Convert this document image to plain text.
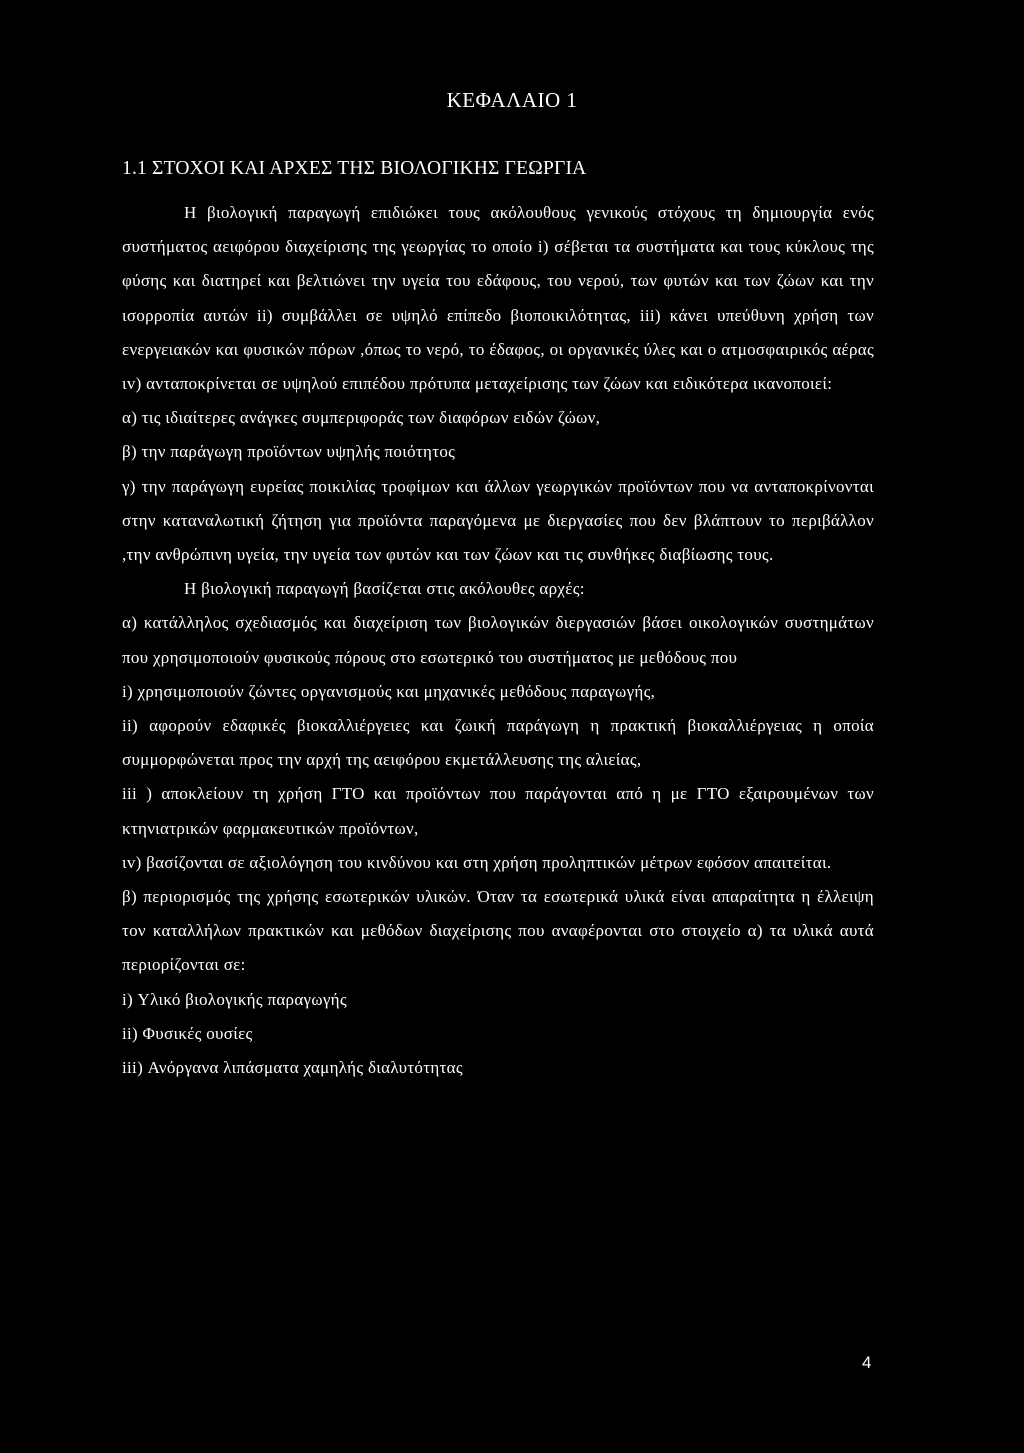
ΚΕΦΑΛΑΙΟ 1
1.1 ΣΤΟΧΟΙ ΚΑΙ ΑΡΧΕΣ ΤΗΣ ΒΙΟΛΟΓΙΚΗΣ ΓΕΩΡΓΙΑ

Η βιολογική παραγωγή επιδιώκει τους ακόλουθους γενικούς στόχους τη δημιουργία ενός συστήματος αειφόρου διαχείρισης της γεωργίας το οποίο i) σέβεται τα συστήματα και τους κύκλους της φύσης και διατηρεί και βελτιώνει την υγεία του εδάφους, του νερού, των φυτών και των ζώων και την ισορροπία αυτών ii) συμβάλλει σε υψηλό επίπεδο βιοποικιλότητας, iii) κάνει υπεύθυνη χρήση των ενεργειακών και φυσικών πόρων ,όπως το νερό, το έδαφος, οι οργανικές ύλες και ο ατμοσφαιρικός αέρας ιv) ανταποκρίνεται σε υψηλού επιπέδου πρότυπα μεταχείρισης των ζώων και ειδικότερα ικανοποιεί:

α) τις ιδιαίτερες ανάγκες συμπεριφοράς των διαφόρων ειδών ζώων,

β) την παράγωγη προϊόντων υψηλής ποιότητος

γ) την παράγωγη ευρείας ποικιλίας τροφίμων και άλλων γεωργικών προϊόντων που να ανταποκρίνονται στην καταναλωτική ζήτηση για προϊόντα παραγόμενα με διεργασίες που δεν βλάπτουν το περιβάλλον ,την ανθρώπινη υγεία, την υγεία των φυτών και των ζώων και τις συνθήκες διαβίωσης τους.

Η βιολογική παραγωγή βασίζεται στις ακόλουθες αρχές:

α) κατάλληλος σχεδιασμός και διαχείριση των βιολογικών διεργασιών βάσει οικολογικών συστημάτων που χρησιμοποιούν φυσικούς πόρους στο εσωτερικό του συστήματος με μεθόδους που

i) χρησιμοποιούν ζώντες οργανισμούς και μηχανικές μεθόδους παραγωγής,

ii) αφορούν εδαφικές βιοκαλλιέργειες και ζωική παράγωγη η πρακτική βιοκαλλιέργειας η οποία συμμορφώνεται προς την αρχή της αειφόρου εκμετάλλευσης της αλιείας,

iii ) αποκλείουν τη χρήση ΓΤΟ και προϊόντων που παράγονται από η με ΓΤΟ εξαιρουμένων των κτηνιατρικών φαρμακευτικών προϊόντων,

ιv) βασίζονται σε αξιολόγηση του κινδύνου και στη χρήση προληπτικών μέτρων εφόσον απαιτείται.

β) περιορισμός της χρήσης εσωτερικών υλικών. Όταν τα εσωτερικά υλικά είναι απαραίτητα η έλλειψη τον καταλλήλων πρακτικών και μεθόδων διαχείρισης που αναφέρονται στο στοιχείο α) τα υλικά αυτά περιορίζονται σε:

i) Υλικό βιολογικής παραγωγής

ii) Φυσικές ουσίες

iii) Ανόργανα λιπάσματα χαμηλής διαλυτότητας

4
